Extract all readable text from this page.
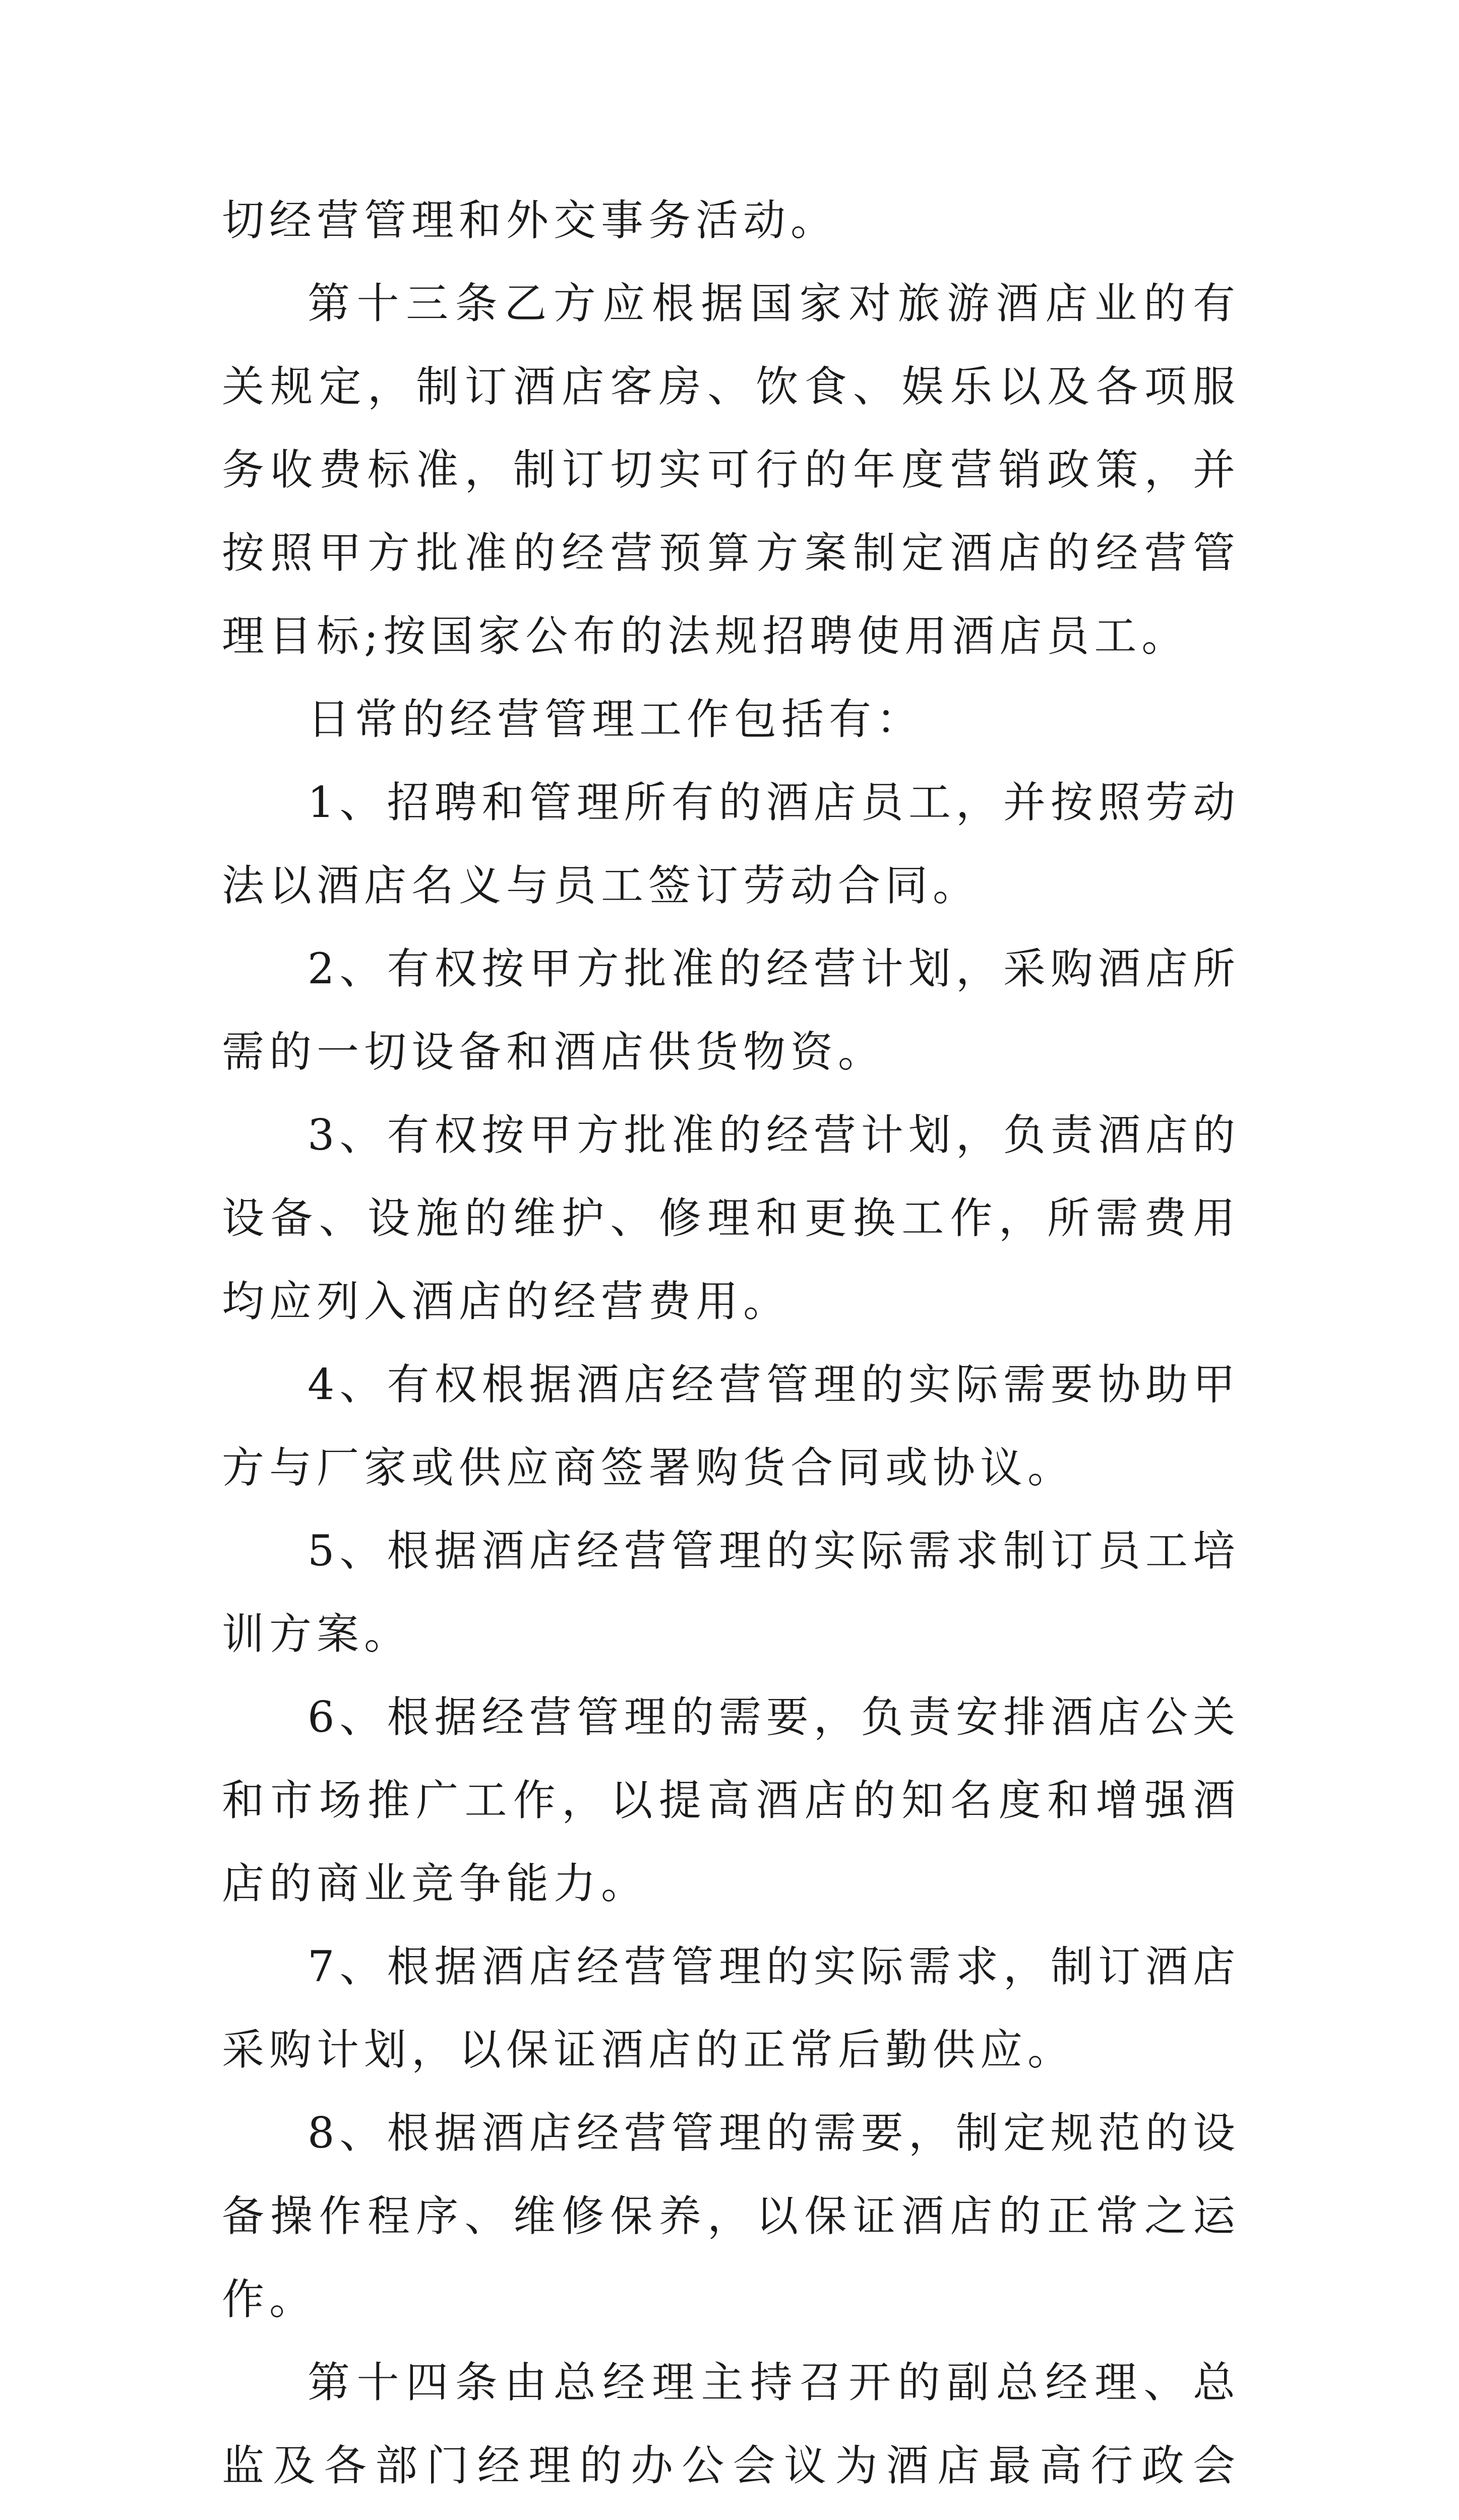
切经营管理和外交事务活动。

第十三条乙方应根据国家对旅游酒店业的有关规定，制订酒店客房、饮食、娱乐以及各项服务收费标准，制订切实可行的年度营销政策，并按照甲方批准的经营预算方案制定酒店的经营管理目标;按国家公布的法规招聘使用酒店员工。

日常的经营管理工作包括有：

1、招聘和管理所有的酒店员工，并按照劳动法以酒店名义与员工签订劳动合同。

2、有权按甲方批准的经营计划，采购酒店所需的一切设备和酒店供货物资。

3、有权按甲方批准的经营计划，负责酒店的设备、设施的维护、修理和更换工作，所需费用均应列入酒店的经营费用。

4、有权根据酒店经营管理的实际需要协助甲方与厂家或供应商签署购货合同或协议。

5、根据酒店经营管理的实际需求制订员工培训方案。

6、根据经营管理的需要，负责安排酒店公关和市场推广工作，以提高酒店的知名度和增强酒店的商业竞争能力。

7、根据酒店经营管理的实际需求，制订酒店采购计划，以保证酒店的正常后勤供应。

8、根据酒店经营管理的需要，制定规范的设备操作程序、维修保养，以保证酒店的正常之运作。

第十四条由总经理主持召开的副总经理、总监及各部门经理的办公会议为酒店最高行政会
